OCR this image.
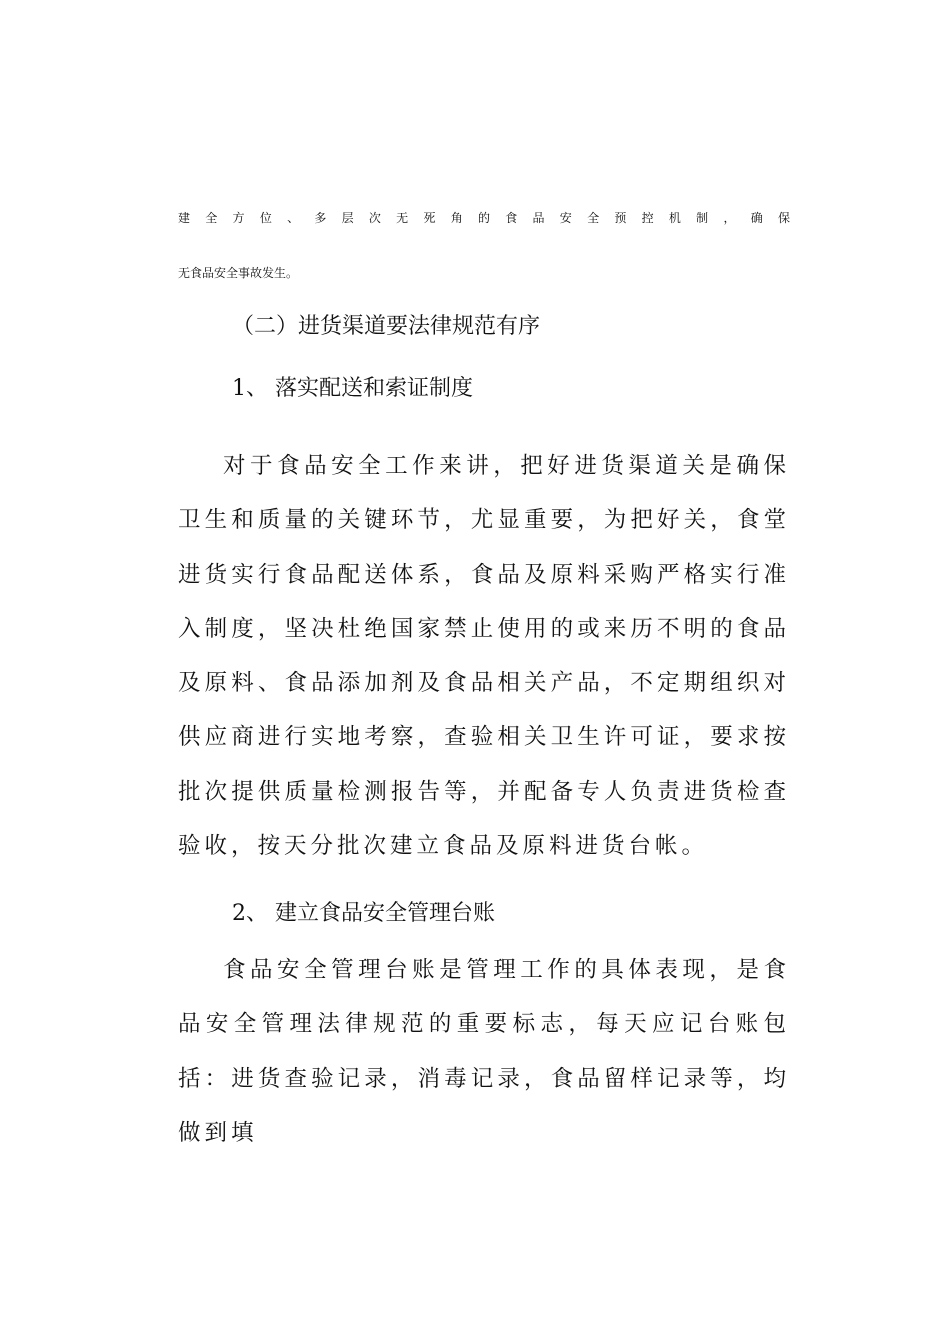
建全方位、多层次无死角的食品安全预控机制，确保
无食品安全事故发生。
（二）进货渠道要法律规范有序
1、 落实配送和索证制度

对于食品安全工作来讲，把好进货渠道关是确保卫生和质量的关键环节，尤显重要，为把好关，食堂进货实行食品配送体系，食品及原料采购严格实行准入制度，坚决杜绝国家禁止使用的或来历不明的食品及原料、食品添加剂及食品相关产品，不定期组织对供应商进行实地考察，查验相关卫生许可证，要求按批次提供质量检测报告等，并配备专人负责进货检查验收，按天分批次建立食品及原料进货台帐。

2、 建立食品安全管理台账

食品安全管理台账是管理工作的具体表现，是食品安全管理法律规范的重要标志，每天应记台账包括：进货查验记录，消毒记录，食品留样记录等，均做到填
